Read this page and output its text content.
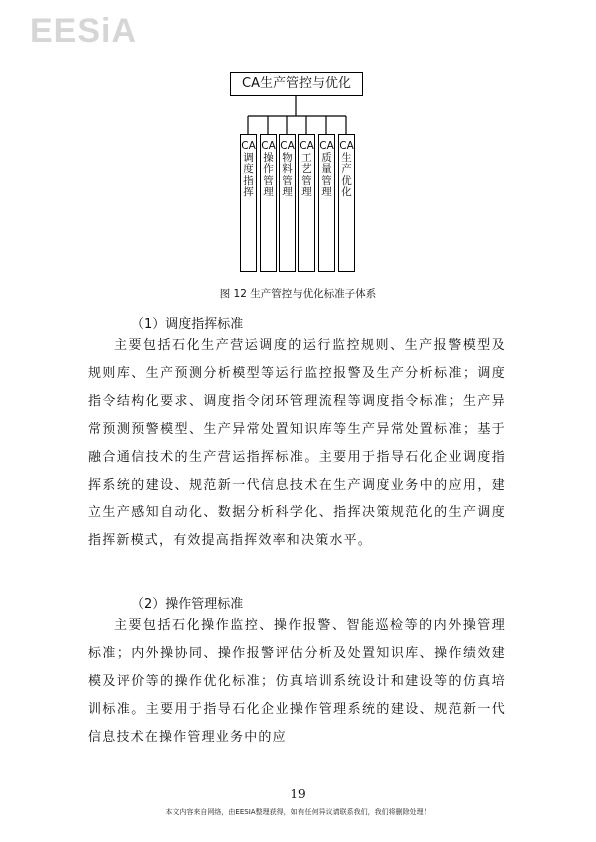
EESiA
CA生产管控与优化
CA调度指挥
CA操作管理
CA物料管理
CA工艺管理
CA质量管理
CA生产优化
图 12 生产管控与优化标准子体系
（1）调度指挥标准
主要包括石化生产营运调度的运行监控规则、生产报警模型及规则库、生产预测分析模型等运行监控报警及生产分析标准；调度指令结构化要求、调度指令闭环管理流程等调度指令标准；生产异常预测预警模型、生产异常处置知识库等生产异常处置标准；基于融合通信技术的生产营运指挥标准。主要用于指导石化企业调度指挥系统的建设、规范新一代信息技术在生产调度业务中的应用，建立生产感知自动化、数据分析科学化、指挥决策规范化的生产调度指挥新模式，有效提高指挥效率和决策水平。
（2）操作管理标准
主要包括石化操作监控、操作报警、智能巡检等的内外操管理标准；内外操协同、操作报警评估分析及处置知识库、操作绩效建模及评价等的操作优化标准；仿真培训系统设计和建设等的仿真培训标准。主要用于指导石化企业操作管理系统的建设、规范新一代信息技术在操作管理业务中的应
19
本文内容来自网络，由EESIA整理获得，如有任何异议请联系我们，我们将删除处理！
